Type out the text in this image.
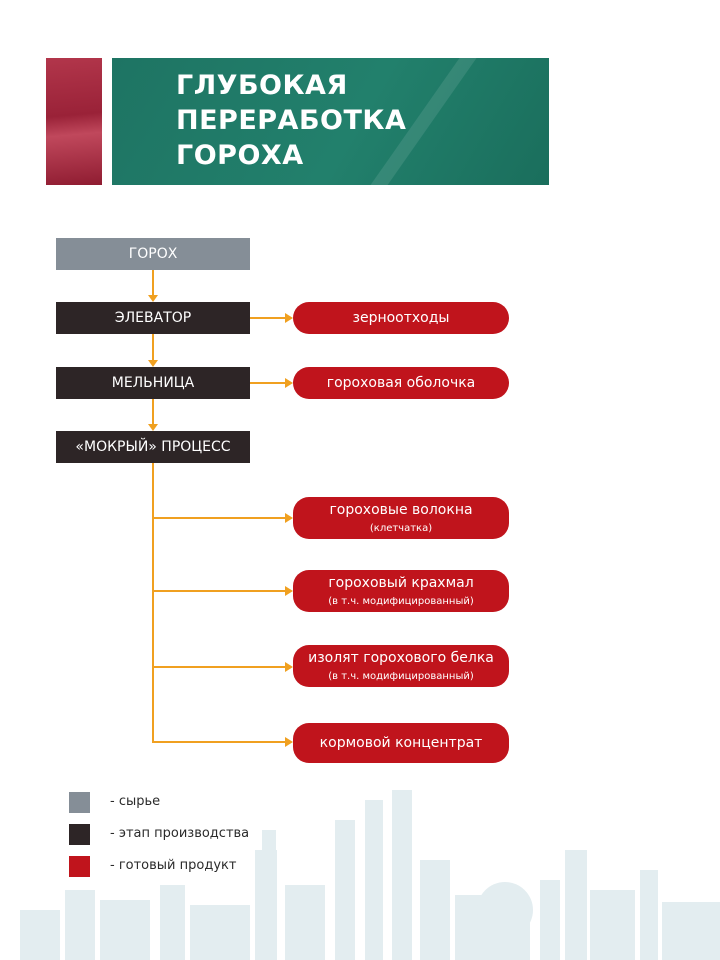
ГЛУБОКАЯ
ПЕРЕРАБОТКА
ГОРОХА
ГОРОХ
ЭЛЕВАТОР
МЕЛЬНИЦА
«МОКРЫЙ» ПРОЦЕСС
зерноотходы
гороховая оболочка
гороховые волокна
(клетчатка)
гороховый крахмал
(в т.ч. модифицированный)
изолят горохового белка
(в т.ч. модифицированный)
кормовой концентрат
- сырье
- этап производства
- готовый продукт
